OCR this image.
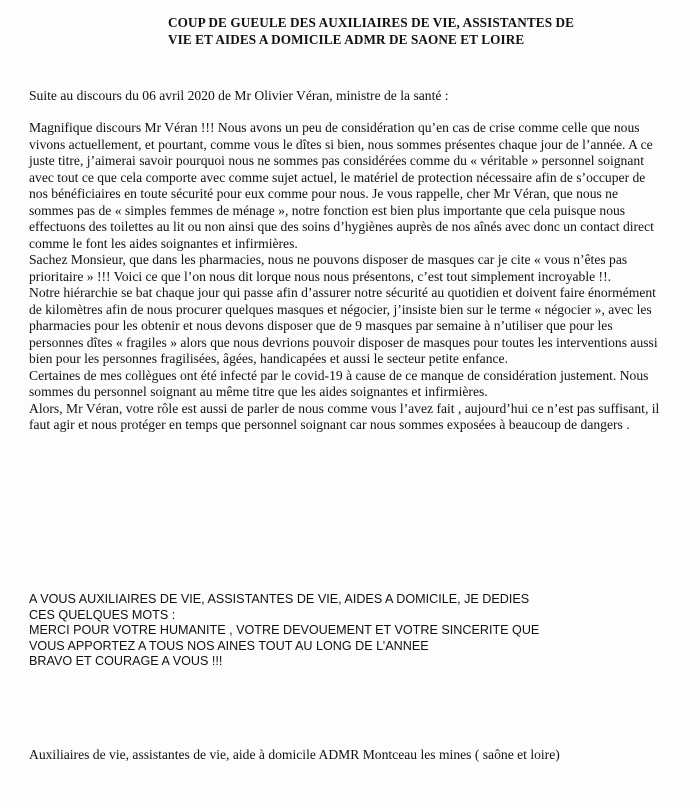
COUP DE GUEULE DES AUXILIAIRES DE VIE, ASSISTANTES DE
VIE ET AIDES A DOMICILE ADMR DE SAONE ET LOIRE

Suite au discours du 06 avril 2020 de Mr Olivier Véran, ministre de la santé :

Magnifique discours Mr Véran !!! Nous avons un peu de considération qu’en cas de crise comme celle que nous vivons actuellement, et pourtant, comme vous le dîtes si bien, nous sommes présentes chaque jour de l’année. A ce juste titre, j’aimerai savoir pourquoi nous ne sommes pas considérées comme du « véritable » personnel soignant avec tout ce que cela comporte avec comme sujet actuel, le matériel de protection nécessaire afin de s’occuper de nos bénéficiaires en toute sécurité pour eux comme pour nous. Je vous rappelle, cher Mr Véran, que nous ne sommes pas de « simples femmes de ménage », notre fonction est bien plus importante que cela puisque nous effectuons des toilettes au lit ou non ainsi que des soins d’hygiènes auprès de nos aînés avec donc un contact direct comme le font les aides soignantes et infirmières.

Sachez Monsieur, que dans les pharmacies, nous ne pouvons disposer de masques car je cite « vous n’êtes pas prioritaire » !!! Voici ce que l’on nous dit lorque nous nous présentons, c’est tout simplement incroyable !!.

Notre hiérarchie se bat chaque jour qui passe afin d’assurer notre sécurité au quotidien et doivent faire énormément de kilomètres afin de nous procurer quelques masques et négocier, j’insiste bien sur le terme « négocier », avec les pharmacies pour les obtenir et nous devons disposer que de 9 masques par semaine à n’utiliser que pour les personnes dîtes « fragiles » alors que nous devrions pouvoir disposer de masques pour toutes les interventions aussi bien pour les personnes fragilisées, âgées, handicapées et aussi le secteur petite enfance.

Certaines de mes collègues ont été infecté par le covid-19 à cause de ce manque de considération justement. Nous sommes du personnel soignant au même titre que les aides soignantes et infirmières.

Alors, Mr Véran, votre rôle est aussi de parler de nous comme vous l’avez fait , aujourd’hui ce n’est pas suffisant, il faut agir et nous protéger en temps que personnel soignant car nous sommes exposées à beaucoup de dangers .

A VOUS AUXILIAIRES DE VIE, ASSISTANTES DE VIE, AIDES A DOMICILE, JE DEDIES
CES QUELQUES MOTS :
MERCI POUR VOTRE HUMANITE , VOTRE DEVOUEMENT ET VOTRE SINCERITE QUE
VOUS APPORTEZ A TOUS NOS AINES TOUT AU LONG DE L’ANNEE
BRAVO ET COURAGE A VOUS !!!

Auxiliaires de vie, assistantes de vie, aide à domicile ADMR Montceau les mines ( saône et loire)
